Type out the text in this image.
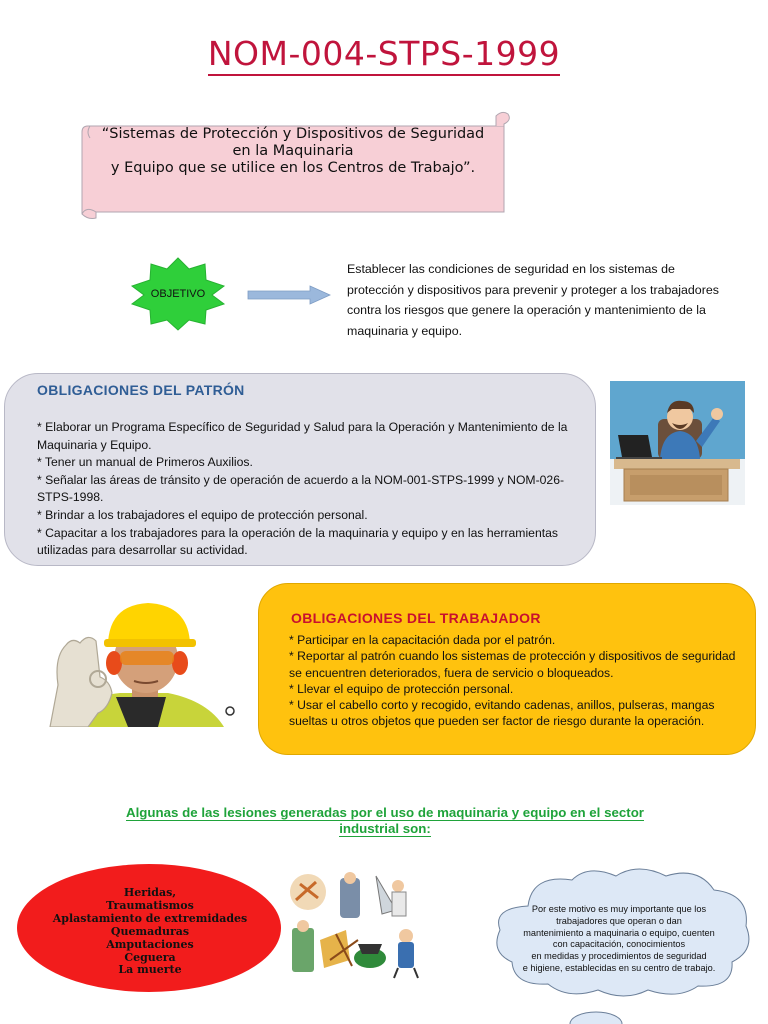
NOM-004-STPS-1999
“Sistemas de Protección y Dispositivos de Seguridad
en la Maquinaria
y Equipo que se utilice en los Centros de Trabajo”.
OBJETIVO
Establecer las condiciones de seguridad en los sistemas de protección y dispositivos para prevenir y proteger a los trabajadores contra los riesgos que genere la operación y mantenimiento de la maquinaria y equipo.
OBLIGACIONES DEL PATRÓN
* Elaborar un Programa Específico de Seguridad y Salud para la Operación y Mantenimiento de la Maquinaria y Equipo.
* Tener un manual de Primeros Auxilios.
* Señalar las áreas de tránsito y de operación de acuerdo a la NOM-001-STPS-1999 y NOM-026-STPS-1998.
* Brindar a los trabajadores el equipo de protección personal.
* Capacitar a los trabajadores para la operación de la maquinaria y equipo y en las herramientas utilizadas para desarrollar su actividad.
OBLIGACIONES DEL TRABAJADOR
* Participar en la capacitación dada por el patrón.
* Reportar al patrón cuando los sistemas de protección y dispositivos de seguridad se encuentren deteriorados, fuera de servicio o bloqueados.
* Llevar el equipo de protección personal.
* Usar el cabello corto y recogido, evitando cadenas, anillos, pulseras, mangas sueltas u otros objetos que pueden ser factor de riesgo durante la operación.
Algunas de las lesiones generadas por el uso de maquinaria y equipo en el sector industrial son:
Heridas,
Traumatismos
Aplastamiento de extremidades
Quemaduras
Amputaciones
Ceguera
La muerte
Por este motivo es muy importante que los
trabajadores que operan o dan
mantenimiento a maquinaria o equipo, cuenten
con capacitación, conocimientos
en medidas y procedimientos de seguridad
e higiene, establecidas en su centro de trabajo.
